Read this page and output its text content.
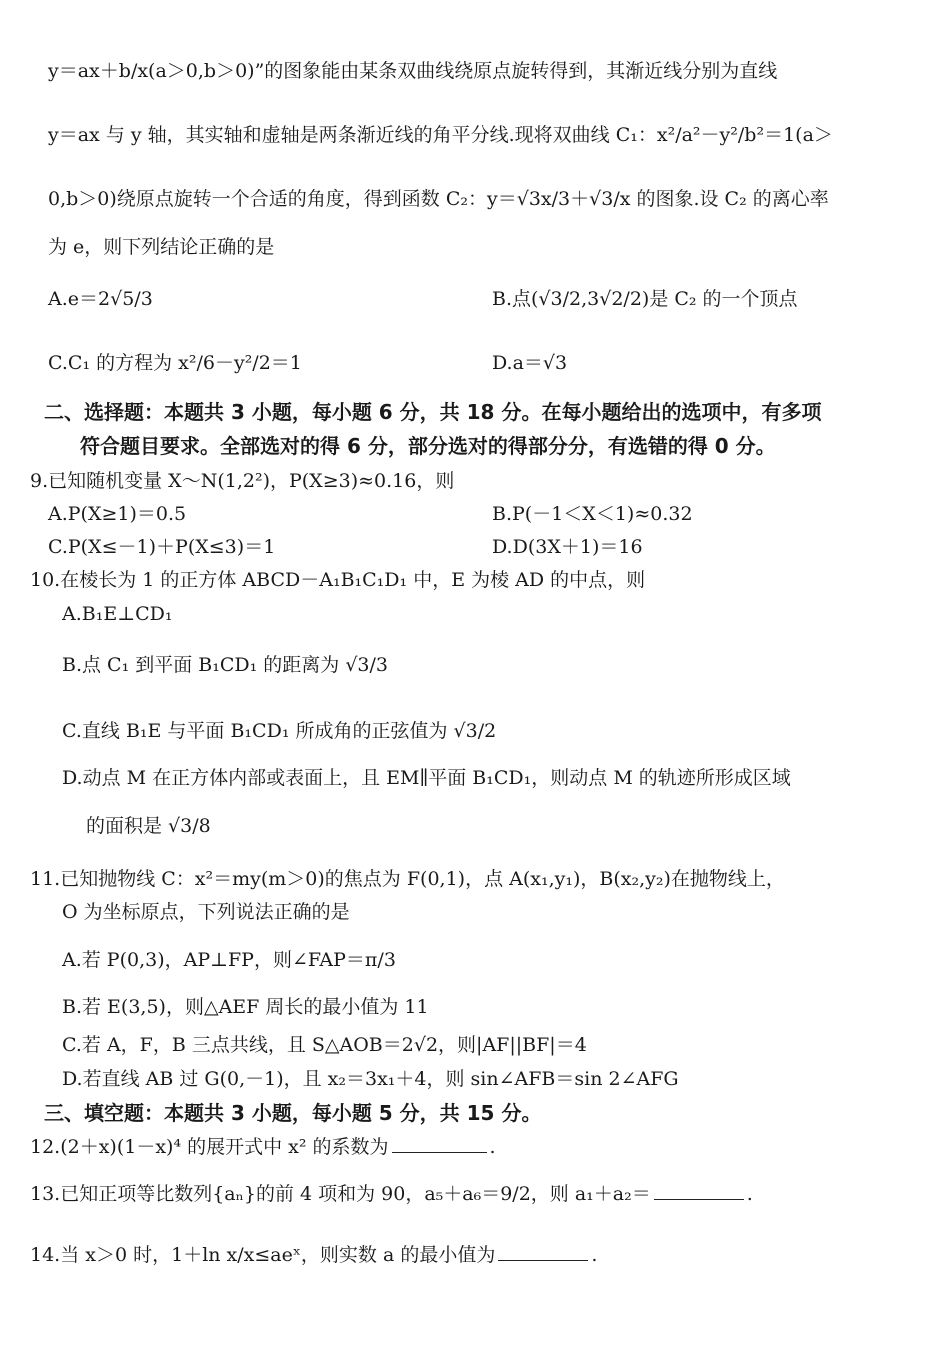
y＝ax＋b/x(a＞0,b＞0)”的图象能由某条双曲线绕原点旋转得到，其渐近线分别为直线
y＝ax 与 y 轴，其实轴和虚轴是两条渐近线的角平分线.现将双曲线 C₁：x²/a²－y²/b²＝1(a＞
0,b＞0)绕原点旋转一个合适的角度，得到函数 C₂：y＝√3x/3＋√3/x 的图象.设 C₂ 的离心率
为 e，则下列结论正确的是
A.e＝2√5/3	B.点(√3/2,3√2/2)是 C₂ 的一个顶点
C.C₁ 的方程为 x²/6－y²/2＝1	D.a＝√3
二、选择题：本题共 3 小题，每小题 6 分，共 18 分。在每小题给出的选项中，有多项
符合题目要求。全部选对的得 6 分，部分选对的得部分分，有选错的得 0 分。
9.已知随机变量 X～N(1,2²)，P(X≥3)≈0.16，则
A.P(X≥1)＝0.5	B.P(－1＜X＜1)≈0.32
C.P(X≤－1)＋P(X≤3)＝1	D.D(3X＋1)＝16
10.在棱长为 1 的正方体 ABCD－A₁B₁C₁D₁ 中，E 为棱 AD 的中点，则
A.B₁E⊥CD₁
B.点 C₁ 到平面 B₁CD₁ 的距离为 √3/3
C.直线 B₁E 与平面 B₁CD₁ 所成角的正弦值为 √3/2
D.动点 M 在正方体内部或表面上，且 EM∥平面 B₁CD₁，则动点 M 的轨迹所形成区域
的面积是 √3/8
11.已知抛物线 C：x²＝my(m＞0)的焦点为 F(0,1)，点 A(x₁,y₁)，B(x₂,y₂)在抛物线上，
O 为坐标原点，下列说法正确的是
A.若 P(0,3)，AP⊥FP，则∠FAP＝π/3
B.若 E(3,5)，则△AEF 周长的最小值为 11
C.若 A，F，B 三点共线，且 S△AOB＝2√2，则|AF||BF|＝4
D.若直线 AB 过 G(0,－1)，且 x₂＝3x₁＋4，则 sin∠AFB＝sin 2∠AFG
三、填空题：本题共 3 小题，每小题 5 分，共 15 分。
12.(2＋x)(1－x)⁴ 的展开式中 x² 的系数为	.
13.已知正项等比数列{aₙ}的前 4 项和为 90，a₅＋a₆＝9/2，则 a₁＋a₂＝	.
14.当 x＞0 时，1＋ln x/x≤aeˣ，则实数 a 的最小值为	.
